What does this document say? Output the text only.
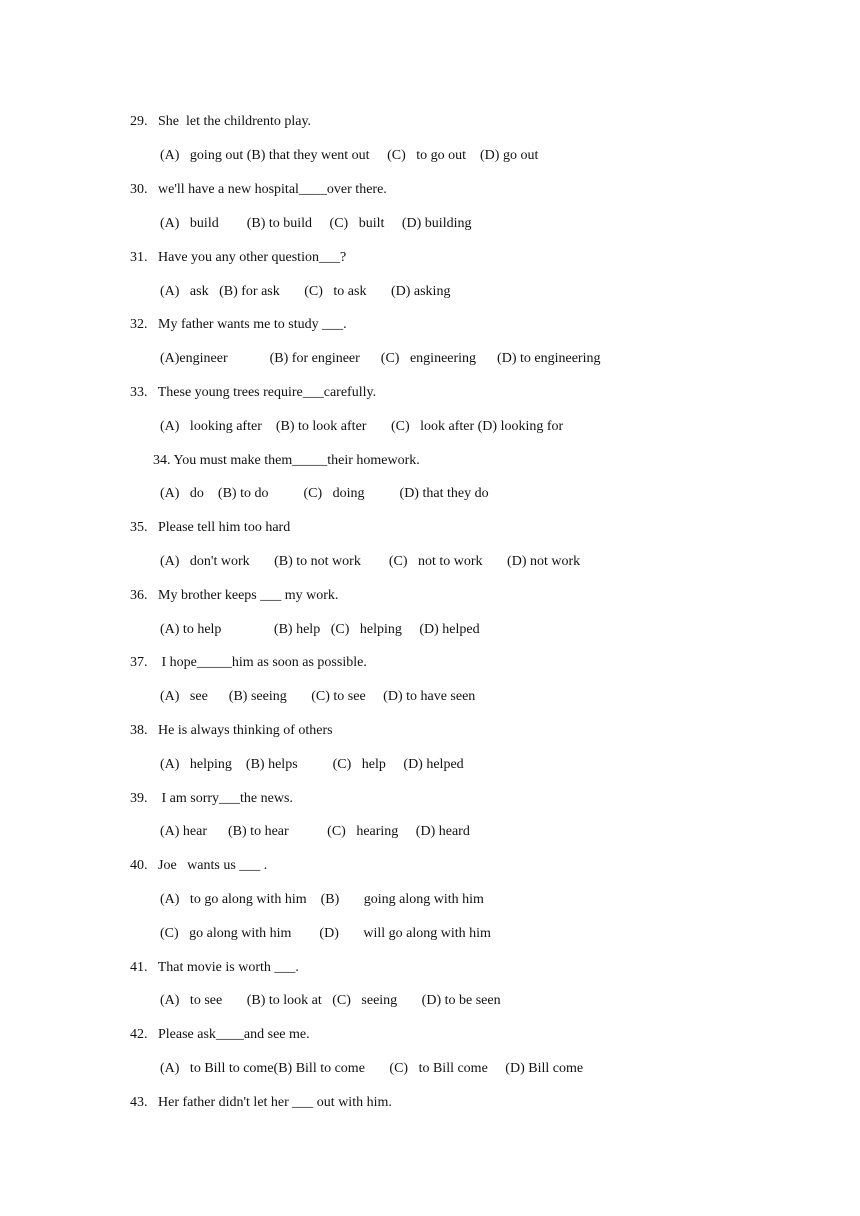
29.   She  let the childrento play.
(A)   going out (B) that they went out     (C)   to go out    (D) go out
30.   we'll have a new hospital____over there.
(A)   build        (B) to build     (C)   built     (D) building
31.   Have you any other question___?
(A)   ask   (B) for ask       (C)   to ask       (D) asking
32.   My father wants me to study ___.
(A)engineer            (B) for engineer      (C)   engineering      (D) to engineering
33.   These young trees require___carefully.
(A)   looking after    (B) to look after       (C)   look after (D) looking for
34. You must make them_____their homework.
(A)   do    (B) to do          (C)   doing          (D) that they do
35.   Please tell him too hard
(A)   don't work       (B) to not work        (C)   not to work       (D) not work
36.   My brother keeps ___ my work.
(A) to help               (B) help   (C)   helping     (D) helped
37.    I hope_____him as soon as possible.
(A)   see      (B) seeing       (C) to see     (D) to have seen
38.   He is always thinking of others
(A)   helping    (B) helps          (C)   help     (D) helped
39.    I am sorry___the news.
(A) hear      (B) to hear           (C)   hearing     (D) heard
40.   Joe   wants us ___ .
(A)   to go along with him    (B)       going along with him
(C)   go along with him        (D)       will go along with him
41.   That movie is worth ___.
(A)   to see       (B) to look at   (C)   seeing       (D) to be seen
42.   Please ask____and see me.
(A)   to Bill to come(B) Bill to come       (C)   to Bill come     (D) Bill come
43.   Her father didn't let her ___ out with him.
